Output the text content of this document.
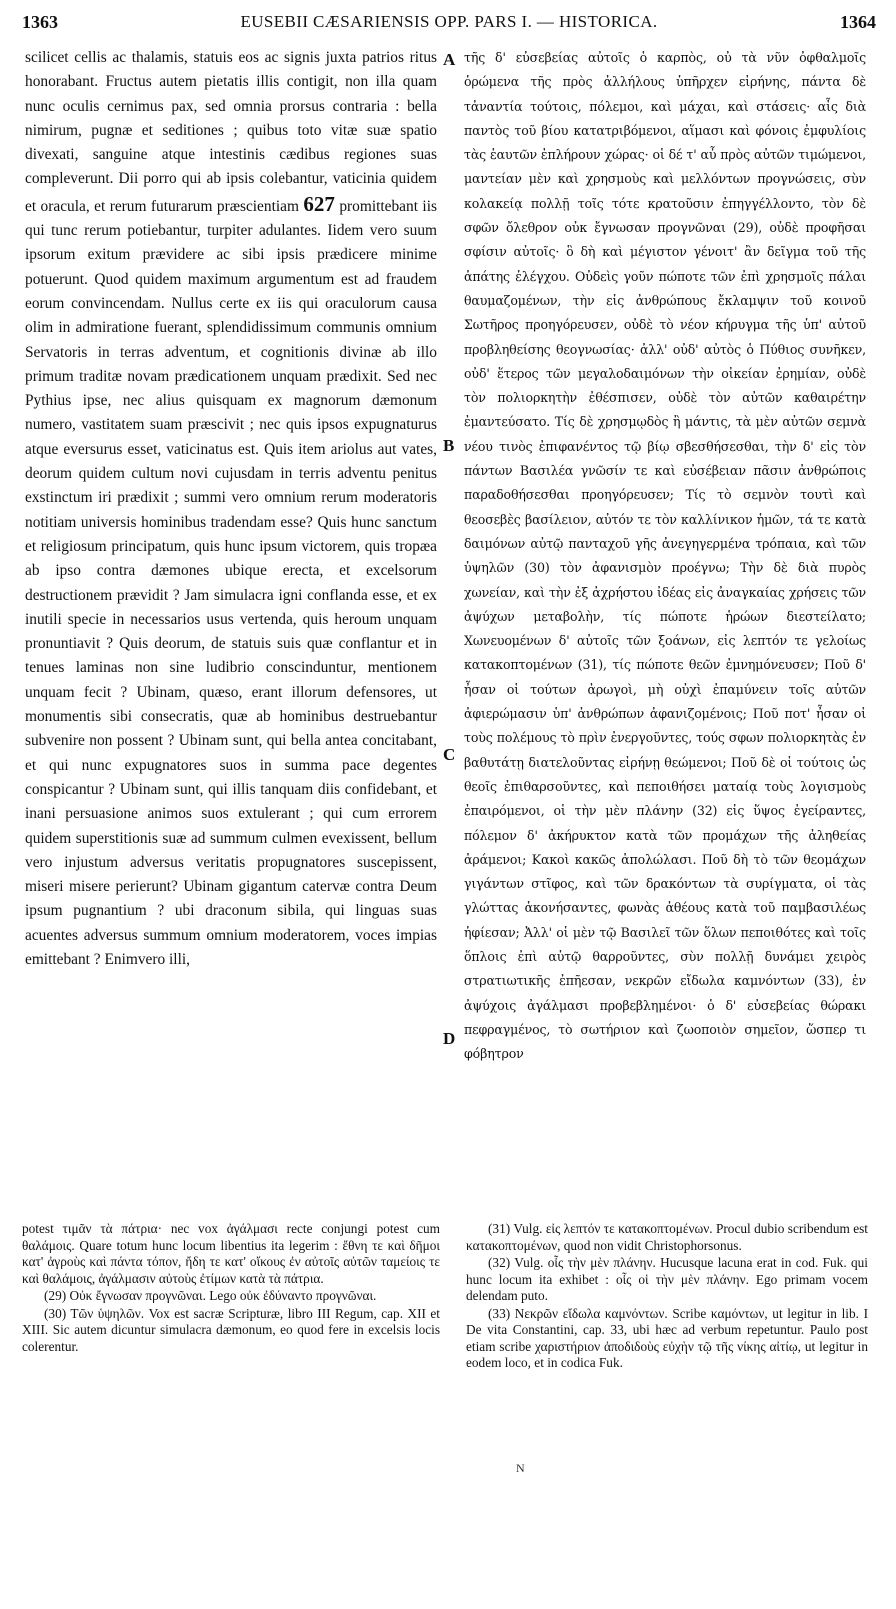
1363	EUSEBII CÆSARIENSIS OPP. PARS I. — HISTORICA.	1364

scilicet cellis ac thalamis, statuis eos ac signis juxta patrios ritus honorabant. Fructus autem pietatis illis contigit, non illa quam nunc oculis cernimus pax, sed omnia prorsus contraria : bella nimirum, pugnæ et seditiones ; quibus toto vitæ suæ spatio divexati, sanguine atque intestinis cædibus regiones suas compleverunt. Dii porro qui ab ipsis colebantur, vaticinia quidem et oracula, et rerum futurarum præscientiam 627 promittebant iis qui tunc rerum potiebantur, turpiter adulantes. Iidem vero suum ipsorum exitum prævidere ac sibi ipsis prædicere minime potuerunt. Quod quidem maximum argumentum est ad fraudem eorum convincendam. Nullus certe ex iis qui oraculorum causa olim in admiratione fuerant, splendidissimum communis omnium Servatoris in terras adventum, et cognitionis divinæ ab illo primum traditæ novam prædicationem unquam prædixit. Sed nec Pythius ipse, nec alius quisquam ex magnorum dæmonum numero, vastitatem suam præscivit ; nec quis ipsos expugnaturus atque eversurus esset, vaticinatus est. Quis item ariolus aut vates, deorum quidem cultum novi cujusdam in terris adventu penitus exstinctum iri prædixit ; summi vero omnium rerum moderatoris notitiam universis hominibus tradendam esse? Quis hunc sanctum et religiosum principatum, quis hunc ipsum victorem, quis tropæa ab ipso contra dæmones ubique erecta, et excelsorum destructionem prævidit ? Jam simulacra igni conflanda esse, et ex inutili specie in necessarios usus vertenda, quis heroum unquam pronuntiavit ? Quis deorum, de statuis suis quæ conflantur et in tenues laminas non sine ludibrio conscinduntur, mentionem unquam fecit ? Ubinam, quæso, erant illorum defensores, ut monumentis sibi consecratis, quæ ab hominibus destruebantur subvenire non possent ? Ubinam sunt, qui bella antea concitabant, et qui nunc expugnatores suos in summa pace degentes conspicantur ? Ubinam sunt, qui illis tanquam diis confidebant, et inani persuasione animos suos extulerant ; qui cum errorem quidem superstitionis suæ ad summum culmen evexissent, bellum vero injustum adversus veritatis propugnatores suscepissent, miseri misere perierunt? Ubinam gigantum catervæ contra Deum ipsum pugnantium ? ubi draconum sibila, qui linguas suas acuentes adversus summum omnium moderatorem, voces impias emittebant ? Enimvero illi,

A
B
C
D

τῆς δ' εὐσεβείας αὐτοῖς ὁ καρπὸς, οὐ τὰ νῦν ὀφθαλμοῖς ὁρώμενα τῆς πρὸς ἀλλήλους ὑπῆρχεν εἰρήνης, πάντα δὲ τἀναντία τούτοις, πόλεμοι, καὶ μάχαι, καὶ στάσεις· αἷς διὰ παντὸς τοῦ βίου κατατριβόμενοι, αἵμασι καὶ φόνοις ἐμφυλίοις τὰς ἑαυτῶν ἐπλήρουν χώρας· οἱ δέ τ' αὖ πρὸς αὐτῶν τιμώμενοι, μαντείαν μὲν καὶ χρησμοὺς καὶ μελλόντων προγνώσεις, σὺν κολακείᾳ πολλῇ τοῖς τότε κρατοῦσιν ἐπηγγέλλοντο, τὸν δὲ σφῶν ὄλεθρον οὐκ ἔγνωσαν προγνῶναι (29), οὐδὲ προφῆσαι σφίσιν αὐτοῖς· ὃ δὴ καὶ μέγιστον γένοιτ' ἂν δεῖγμα τοῦ τῆς ἀπάτης ἐλέγχου. Οὐδεὶς γοῦν πώποτε τῶν ἐπὶ χρησμοῖς πάλαι θαυμαζομένων, τὴν εἰς ἀνθρώπους ἔκλαμψιν τοῦ κοινοῦ Σωτῆρος προηγόρευσεν, οὐδὲ τὸ νέον κήρυγμα τῆς ὑπ' αὐτοῦ προβληθείσης θεογνωσίας· ἀλλ' οὐδ' αὐτὸς ὁ Πύθιος συνῆκεν, οὐδ' ἕτερος τῶν μεγαλοδαιμόνων τὴν οἰκείαν ἐρημίαν, οὐδὲ τὸν πολιορκητὴν ἐθέσπισεν, οὐδὲ τὸν αὐτῶν καθαιρέτην ἐμαντεύσατο. Τίς δὲ χρησμῳδὸς ἢ μάντις, τὰ μὲν αὐτῶν σεμνὰ νέου τινὸς ἐπιφανέντος τῷ βίῳ σβεσθήσεσθαι, τὴν δ' εἰς τὸν πάντων Βασιλέα γνῶσίν τε καὶ εὐσέβειαν πᾶσιν ἀνθρώποις παραδοθήσεσθαι προηγόρευσεν; Τίς τὸ σεμνὸν τουτὶ καὶ θεοσεβὲς βασίλειον, αὐτόν τε τὸν καλλίνικον ἡμῶν, τά τε κατὰ δαιμόνων αὐτῷ πανταχοῦ γῆς ἀνεγηγερμένα τρόπαια, καὶ τῶν ὑψηλῶν (30) τὸν ἀφανισμὸν προέγνω; Τὴν δὲ διὰ πυρὸς χωνείαν, καὶ τὴν ἐξ ἀχρήστου ἰδέας εἰς ἀναγκαίας χρήσεις τῶν ἀψύχων μεταβολὴν, τίς πώποτε ἡρώων διεστείλατο; Χωνευομένων δ' αὐτοῖς τῶν ξοάνων, εἰς λεπτόν τε γελοίως κατακοπτομένων (31), τίς πώποτε θεῶν ἐμνημόνευσεν; Ποῦ δ' ἦσαν οἱ τούτων ἀρωγοὶ, μὴ οὐχὶ ἐπαμύνειν τοῖς αὐτῶν ἀφιερώμασιν ὑπ' ἀνθρώπων ἀφανιζομένοις; Ποῦ ποτ' ἦσαν οἱ τοὺς πολέμους τὸ πρὶν ἐνεργοῦντες, τούς σφων πολιορκητὰς ἐν βαθυτάτῃ διατελοῦντας εἰρήνῃ θεώμενοι; Ποῦ δὲ οἱ τούτοις ὡς θεοῖς ἐπιθαρσοῦντες, καὶ πεποιθήσει ματαίᾳ τοὺς λογισμοὺς ἐπαιρόμενοι, οἱ τὴν μὲν πλάνην (32) εἰς ὕψος ἐγείραντες, πόλεμον δ' ἀκήρυκτον κατὰ τῶν προμάχων τῆς ἀληθείας ἀράμενοι; Κακοὶ κακῶς ἀπολώλασι. Ποῦ δὴ τὸ τῶν θεομάχων γιγάντων στῖφος, καὶ τῶν δρακόντων τὰ συρίγματα, οἱ τὰς γλώττας ἀκονήσαντες, φωνὰς ἀθέους κατὰ τοῦ παμβασιλέως ἠφίεσαν; Ἀλλ' οἱ μὲν τῷ Βασιλεῖ τῶν ὅλων πεποιθότες καὶ τοῖς ὅπλοις ἐπὶ αὐτῷ θαρροῦντες, σὺν πολλῇ δυνάμει χειρὸς στρατιωτικῆς ἐπῆεσαν, νεκρῶν εἴδωλα καμνόντων (33), ἐν ἀψύχοις ἀγάλμασι προβεβλημένοι· ὁ δ' εὐσεβείας θώρακι πεφραγμένος, τὸ σωτήριον καὶ ζωοποιὸν σημεῖον, ὥσπερ τι φόβητρον

potest τιμᾶν τὰ πάτρια· nec vox ἀγάλμασι recte conjungi potest cum θαλάμοις. Quare totum hunc locum libentius ita legerim : ἔθνη τε καὶ δῆμοι κατ' ἀγροὺς καὶ πάντα τόπον, ἤδη τε κατ' οἴκους ἐν αὐτοῖς αὐτῶν ταμείοις τε καὶ θαλάμοις, ἀγάλμασιν αὐτοὺς ἐτίμων κατὰ τὰ πάτρια.

(29) Οὐκ ἔγνωσαν προγνῶναι. Lego οὐκ ἐδύναντο προγνῶναι.

(30) Τῶν ὑψηλῶν. Vox est sacræ Scripturæ, libro III Regum, cap. XII et XIII. Sic autem dicuntur simulacra dæmonum, eo quod fere in excelsis locis colerentur.

(31) Vulg. εἰς λεπτόν τε κατακοπτομένων. Procul dubio scribendum est κατακοπτομένων, quod non vidit Christophorsonus.

(32) Vulg. οἷς τὴν μὲν πλάνην. Hucusque lacuna erat in cod. Fuk. qui hunc locum ita exhibet : οἷς οἱ τὴν μὲν πλάνην. Ego primam vocem delendam puto.

(33) Νεκρῶν εἴδωλα καμνόντων. Scribe καμόντων, ut legitur in lib. I De vita Constantini, cap. 33, ubi hæc ad verbum repetuntur. Paulo post etiam scribe χαριστήριον ἀποδιδοὺς εὐχὴν τῷ τῆς νίκης αἰτίῳ, ut legitur in eodem loco, et in codica Fuk.

Ν
